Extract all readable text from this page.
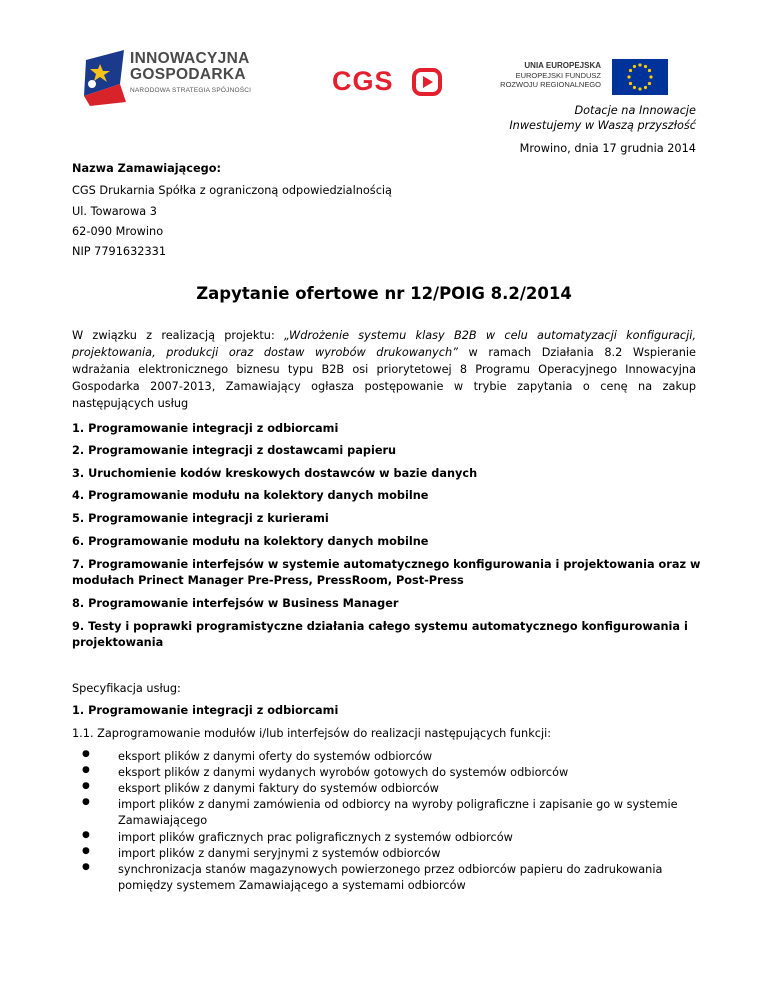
INNOWACYJNA
GOSPODARKA
NARODOWA STRATEGIA SPÓJNOŚCI	CGS
UNIA EUROPEJSKA
EUROPEJSKI FUNDUSZ
ROZWOJU REGIONALNEGO
Dotacje na Innowacje
Inwestujemy w Waszą przyszłość
Mrowino, dnia 17 grudnia 2014
Nazwa Zamawiającego:
CGS Drukarnia Spółka z ograniczoną odpowiedzialnością
Ul. Towarowa 3
62-090 Mrowino
NIP 7791632331
Zapytanie ofertowe nr 12/POIG 8.2/2014
W związku z realizacją projektu: „Wdrożenie systemu klasy B2B w celu automatyzacji konfiguracji,
projektowania, produkcji oraz dostaw wyrobów drukowanych” w ramach Działania 8.2 Wspieranie
wdrażania elektronicznego biznesu typu B2B osi priorytetowej 8 Programu Operacyjnego Innowacyjna
Gospodarka 2007-2013, Zamawiający ogłasza postępowanie w trybie zapytania o cenę na zakup
następujących usług
1. Programowanie integracji z odbiorcami
2. Programowanie integracji z dostawcami papieru
3. Uruchomienie kodów kreskowych dostawców w bazie danych
4. Programowanie modułu na kolektory danych mobilne
5. Programowanie integracji z kurierami
6. Programowanie modułu na kolektory danych mobilne
7. Programowanie interfejsów w systemie automatycznego konfigurowania i projektowania oraz w
modułach Prinect Manager Pre-Press, PressRoom, Post-Press
8. Programowanie interfejsów w Business Manager
9. Testy i poprawki programistyczne działania całego systemu automatycznego konfigurowania i
projektowania
Specyfikacja usług:
1. Programowanie integracji z odbiorcami
1.1. Zaprogramowanie modułów i/lub interfejsów do realizacji następujących funkcji:
● eksport plików z danymi oferty do systemów odbiorców
● eksport plików z danymi wydanych wyrobów gotowych do systemów odbiorców
● eksport plików z danymi faktury do systemów odbiorców
● import plików z danymi zamówienia od odbiorcy na wyroby poligraficzne i zapisanie go w systemie
Zamawiającego
● import plików graficznych prac poligraficznych z systemów odbiorców
● import plików z danymi seryjnymi z systemów odbiorców
● synchronizacja stanów magazynowych powierzonego przez odbiorców papieru do zadrukowania
pomiędzy systemem Zamawiającego a systemami odbiorców
